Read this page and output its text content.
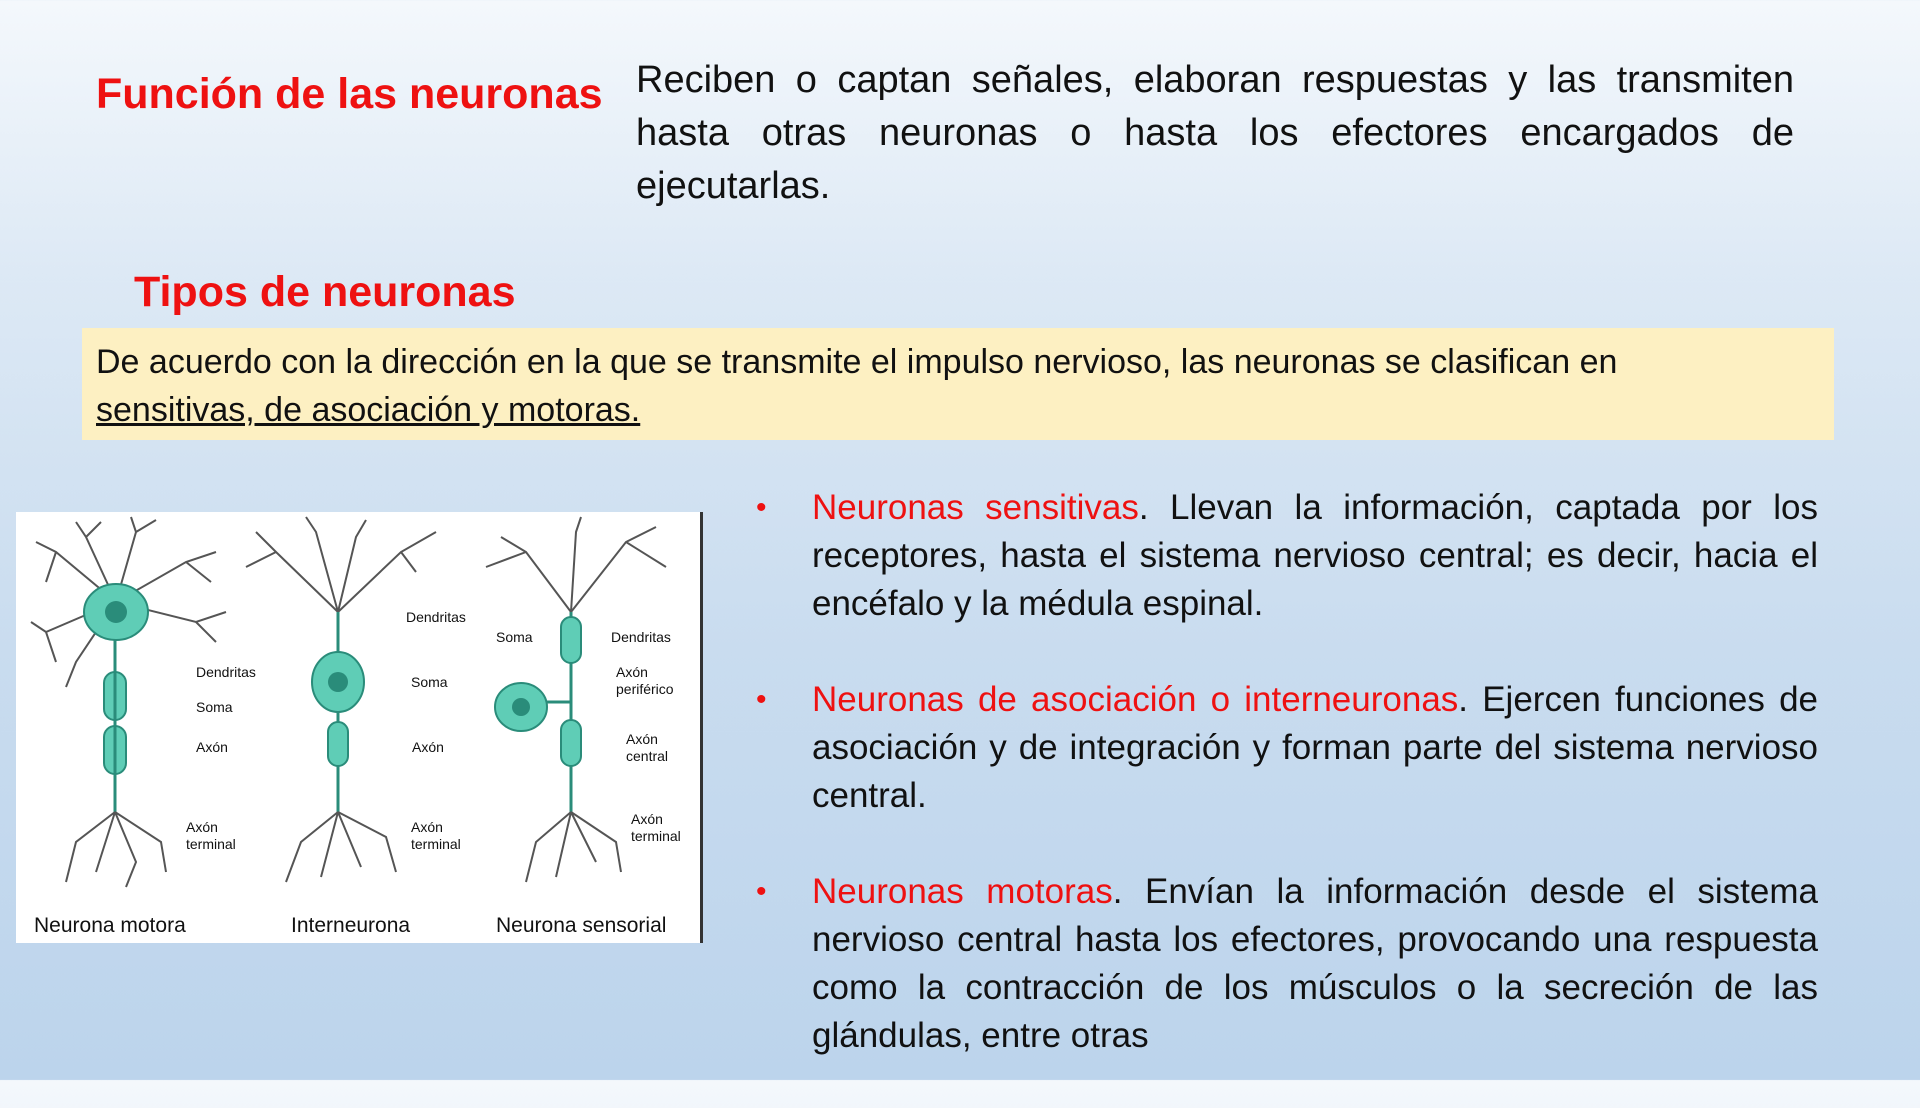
Función de las neuronas Reciben o captan señales, elaboran respuestas y las transmiten hasta otras neuronas o hasta los efectores encargados de ejecutarlas.
Tipos de neuronas
De acuerdo con la dirección en la que se transmite el impulso nervioso, las neuronas se clasifican en
sensitivas, de asociación y motoras.
Dendritas
Soma
Axón
Dendritas
Soma
Axón
Axón
terminal
Axón
terminal
Soma	Dendritas
Axón
periférico
Axón
central
Axón
terminal
Neurona motora	Interneurona	Neurona sensorial
• Neuronas sensitivas. Llevan la información, captada por los receptores, hasta el sistema nervioso central; es decir, hacia el encéfalo y la médula espinal.
• Neuronas de asociación o interneuronas. Ejercen funciones de asociación y de integración y forman parte del sistema nervioso central.
• Neuronas motoras. Envían la información desde el sistema nervioso central hasta los efectores, provocando una respuesta como la contracción de los músculos o la secreción de las glándulas, entre otras
